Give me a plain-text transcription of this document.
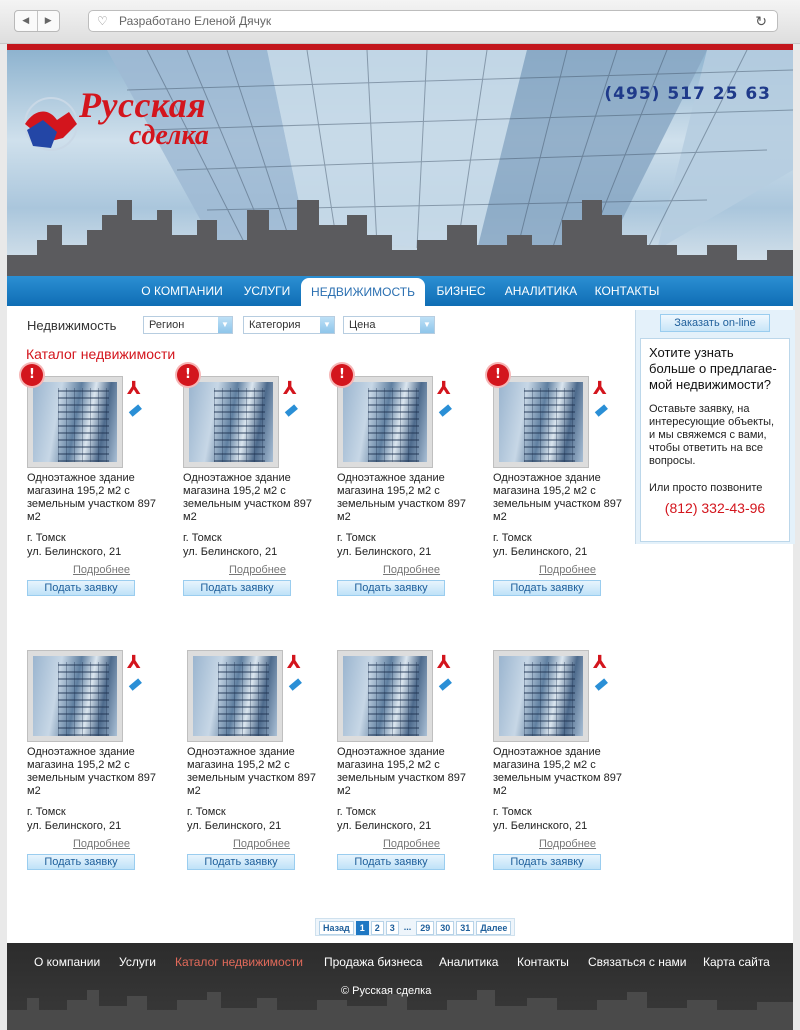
◀	▶	♡ Разработано Еленой Дячук	↻
Русская
сделка
(495) 517 25 63
О КОМПАНИИ	УСЛУГИ	НЕДВИЖИМОСТЬ	БИЗНЕС	АНАЛИТИКА	КОНТАКТЫ
Недвижимость	Регион	▼	Категория	▼	Цена	▼
Каталог недвижимости
!
⅄
▬
Одноэтажное здание магазина 195,2 м2 с земельным участком 897 м2
г. Томск
ул. Белинского, 21
Подробнее
Подать заявку
!
⅄
▬
Одноэтажное здание магазина 195,2 м2 с земельным участком 897 м2
г. Томск
ул. Белинского, 21
Подробнее
Подать заявку
!
⅄
▬
Одноэтажное здание магазина 195,2 м2 с земельным участком 897 м2
г. Томск
ул. Белинского, 21
Подробнее
Подать заявку
!
⅄
▬
Одноэтажное здание магазина 195,2 м2 с земельным участком 897 м2
г. Томск
ул. Белинского, 21
Подробнее
Подать заявку
⅄
▬
Одноэтажное здание магазина 195,2 м2 с земельным участком 897 м2
г. Томск
ул. Белинского, 21
Подробнее
Подать заявку
⅄
▬
Одноэтажное здание магазина 195,2 м2 с земельным участком 897 м2
г. Томск
ул. Белинского, 21
Подробнее
Подать заявку
⅄
▬
Одноэтажное здание магазина 195,2 м2 с земельным участком 897 м2
г. Томск
ул. Белинского, 21
Подробнее
Подать заявку
⅄
▬
Одноэтажное здание магазина 195,2 м2 с земельным участком 897 м2
г. Томск
ул. Белинского, 21
Подробнее
Подать заявку
Заказать on-line
Хотите узнать больше о предлагае-мой недвижимости?
Оставьте заявку, на интересующие объекты, и мы свяжемся с вами, чтобы ответить на все вопросы.
Или просто позвоните
(812) 332-43-96
Назад	1	2	3	...	29	30	31	Далее
О компании Услуги Каталог недвижимости Продажа бизнеса Аналитика Контакты Связаться с нами Карта сайта
© Русская сделка
